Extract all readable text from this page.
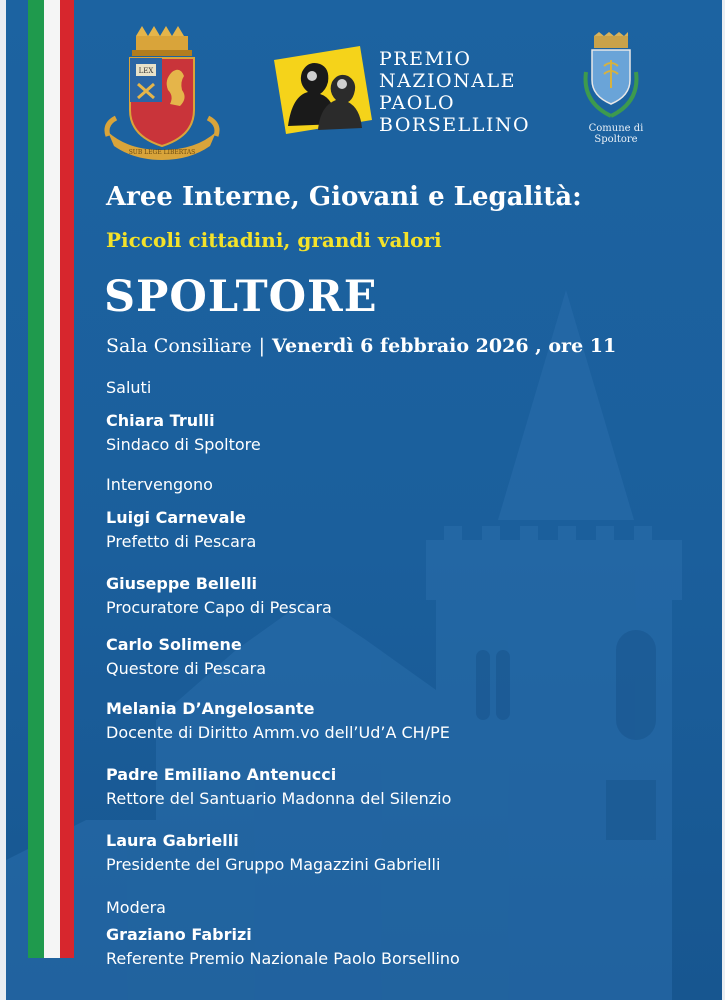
LEX
SUB LEGE LIBERTAS
PREMIO
NAZIONALE
PAOLO
BORSELLINO	Comune di Spoltore
Aree Interne, Giovani e Legalità:
Piccoli cittadini, grandi valori
SPOLTORE
Sala Consiliare | Venerdì 6 febbraio 2026 , ore 11

Saluti

Chiara Trulli

Sindaco di Spoltore

Intervengono

Luigi Carnevale

Prefetto di Pescara

Giuseppe Bellelli

Procuratore Capo di Pescara

Carlo Solimene

Questore di Pescara

Melania D’Angelosante

Docente di Diritto Amm.vo dell’Ud’A CH/PE

Padre Emiliano Antenucci

Rettore del Santuario Madonna del Silenzio

Laura Gabrielli

Presidente del Gruppo Magazzini Gabrielli

Modera

Graziano Fabrizi

Referente Premio Nazionale Paolo Borsellino
